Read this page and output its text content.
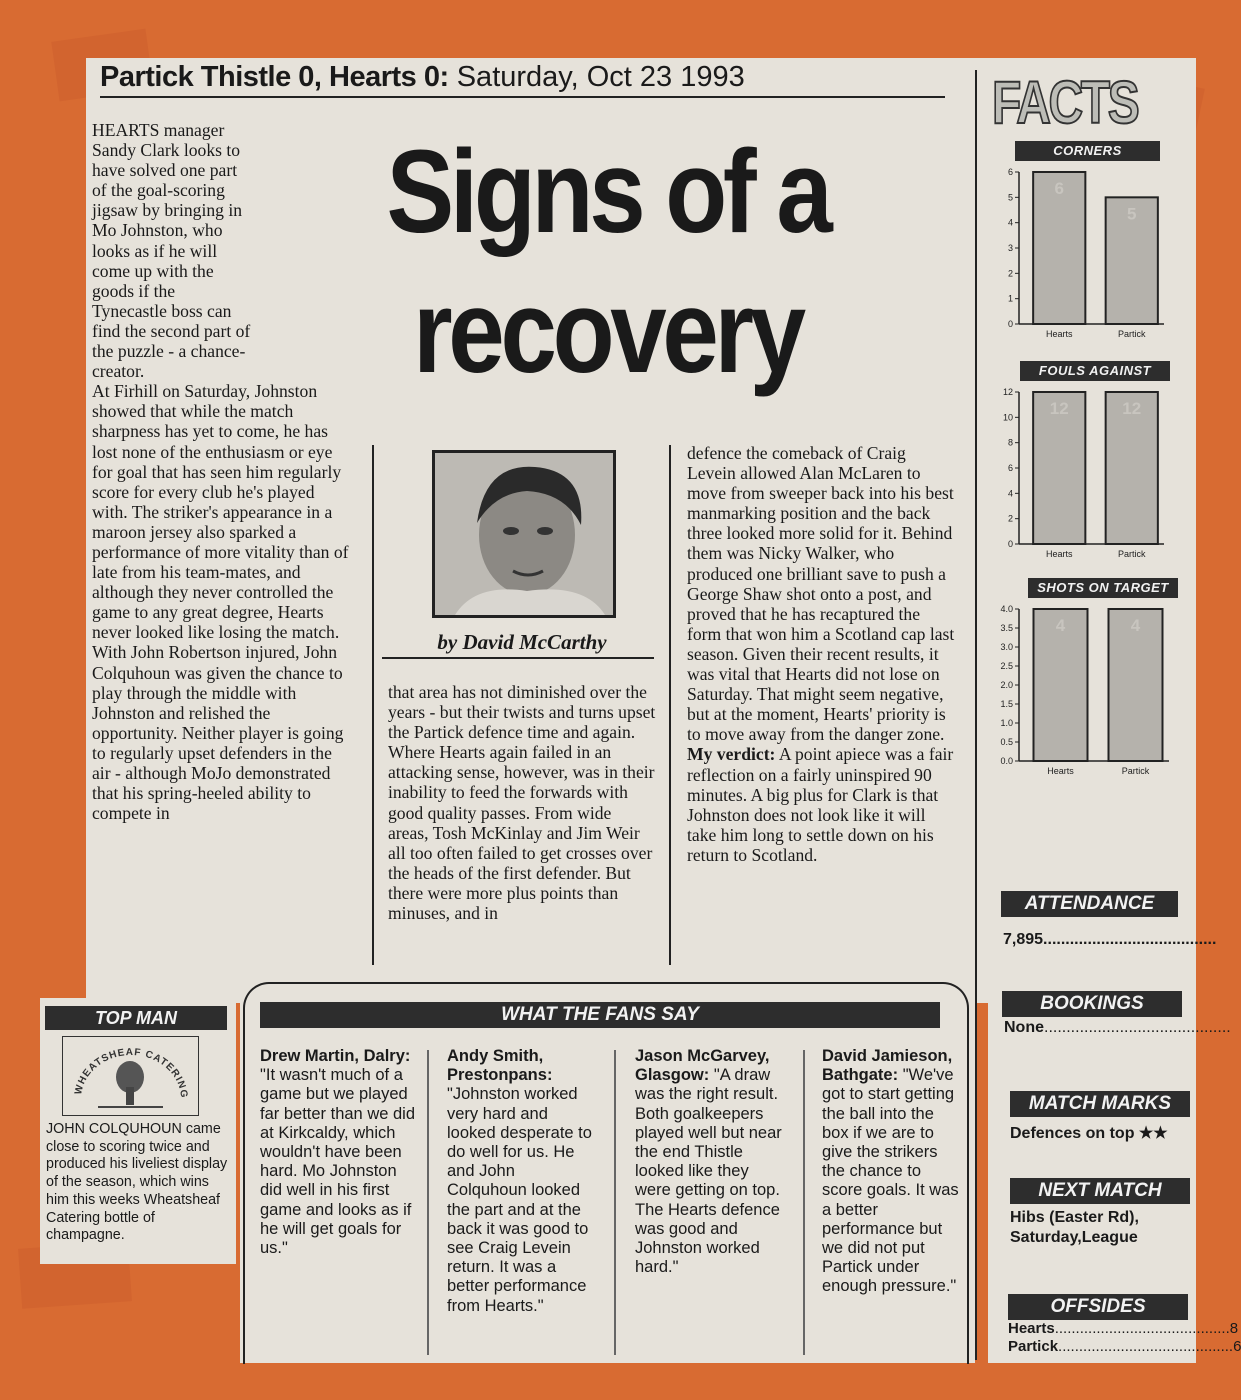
Partick Thistle 0, Hearts 0: Saturday, Oct 23 1993
Signs of a
recovery

HEARTS manager Sandy Clark looks to have solved one part of the goal-scoring jigsaw by bringing in Mo Johnston, who looks as if he will come up with the goods if the Tynecastle boss can find the second part of the puzzle - a chance-creator.

At Firhill on Saturday, Johnston showed that while the match sharpness has yet to come, he has lost none of the enthusiasm or eye for goal that has seen him regularly score for every club he's played with. The striker's appearance in a maroon jersey also sparked a performance of more vitality than of late from his team-mates, and although they never controlled the game to any great degree, Hearts never looked like losing the match. With John Robertson injured, John Colquhoun was given the chance to play through the middle with Johnston and relished the opportunity. Neither player is going to regularly upset defenders in the air - although MoJo demonstrated that his spring-heeled ability to compete in

by David McCarthy

that area has not diminished over the years - but their twists and turns upset the Partick defence time and again. Where Hearts again failed in an attacking sense, however, was in their inability to feed the forwards with good quality passes. From wide areas, Tosh McKinlay and Jim Weir all too often failed to get crosses over the heads of the first defender. But there were more plus points than minuses, and in

defence the comeback of Craig Levein allowed Alan McLaren to move from sweeper back into his best manmarking position and the back three looked more solid for it. Behind them was Nicky Walker, who produced one brilliant save to push a George Shaw shot onto a post, and proved that he has recaptured the form that won him a Scotland cap last season. Given their recent results, it was vital that Hearts did not lose on Saturday. That might seem negative, but at the moment, Hearts' priority is to move away from the danger zone.

My verdict: A point apiece was a fair reflection on a fairly uninspired 90 minutes. A big plus for Clark is that Johnston does not look like it will take him long to settle down on his return to Scotland.

FACTS
CORNERS
0
1
2
3
4
5
6
6
Hearts
5
Partick
FOULS AGAINST
0
2
4
6
8
10
12
12
Hearts
12
Partick
SHOTS ON TARGET
0.0
0.5
1.0
1.5
2.0
2.5
3.0
3.5
4.0
4
Hearts
4
Partick
ATTENDANCE
7,895.......................................
BOOKINGS
None..........................................
MATCH MARKS
Defences on top ★★
NEXT MATCH
Hibs (Easter Rd),
Saturday,League
OFFSIDES
Hearts .......................................... 8
Partick .......................................... 6
TOP MAN
WHEATSHEAF CATERING
JOHN COLQUHOUN came close to scoring twice and produced his liveliest display of the season, which wins him this weeks Wheatsheaf Catering bottle of champagne.
WHAT THE FANS SAY
Drew Martin, Dalry: "It wasn't much of a game but we played far better than we did at Kirkcaldy, which wouldn't have been hard. Mo Johnston did well in his first game and looks as if he will get goals for us."
Andy Smith, Prestonpans: "Johnston worked very hard and looked desperate to do well for us. He and John Colquhoun looked the part and at the back it was good to see Craig Levein return. It was a better performance from Hearts."
Jason McGarvey, Glasgow: "A draw was the right result. Both goalkeepers played well but near the end Thistle looked like they were getting on top. The Hearts defence was good and Johnston worked hard."
David Jamieson, Bathgate: "We've got to start getting the ball into the box if we are to give the strikers the chance to score goals. It was a better performance but we did not put Partick under enough pressure."
